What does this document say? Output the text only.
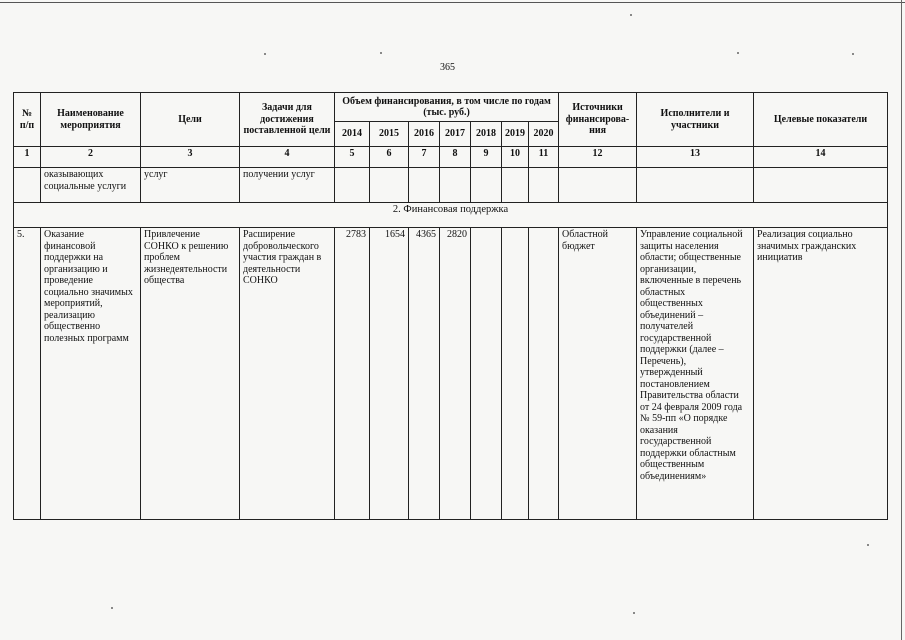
365
№ п/п	Наименование мероприятия	Цели	Задачи для достижения поставленной цели	Объем финансирования, в том числе по годам (тыс. руб.)							Источники финансирова-ния	Исполнители и участники	Целевые показатели
				2014	2015	2016	2017	2018	2019	2020			
1	2	3	4	5	6	7	8	9	10	11	12	13	14
	оказывающих социальные услуги	услуг	получении услуг										
2. Финансовая поддержка													
5.	Оказание финансовой поддержки на организацию и проведение социально значимых мероприятий, реализацию общественно полезных программ	Привлечение СОНКО к решению проблем жизнедеятельности общества	Расширение добровольческого участия граждан в деятельности СОНКО	2783	1654	4365	2820				Областной бюджет	Управление социальной защиты населения области; общественные организации, включенные в перечень областных общественных объединений – получателей государственной поддержки (далее – Перечень), утвержденный постановлением Правительства области от 24 февраля 2009 года № 59-пп «О порядке оказания государственной поддержки областным общественным объединениям»	Реализация социально значимых гражданских инициатив
